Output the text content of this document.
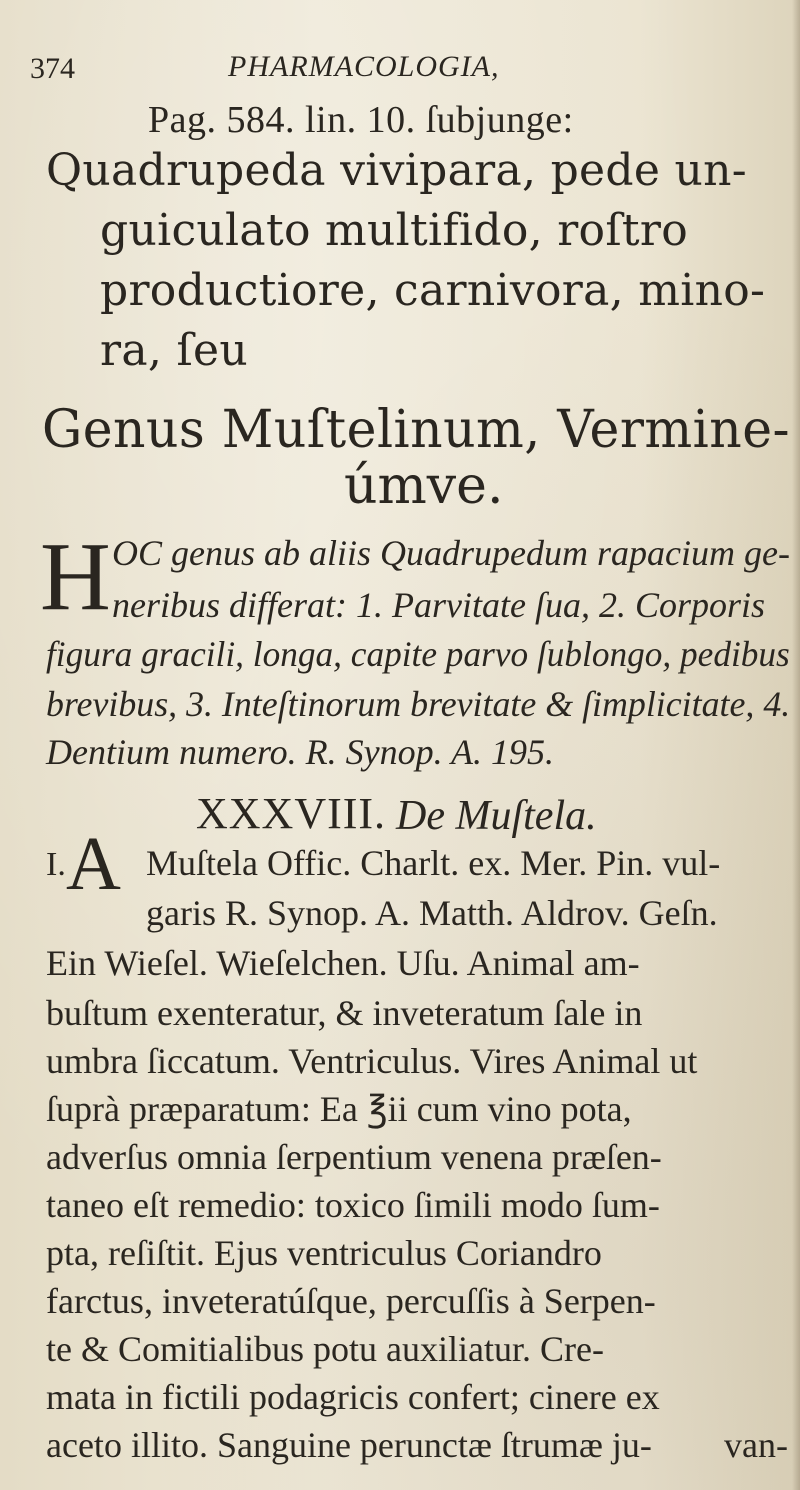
374	PHARMACOLOGIA,
Pag. 584. lin. 10. ſubjunge:
Quadrupeda vivipara, pede un-
guiculato multifido, roſtro
productiore, carnivora, mino-
ra, ſeu
Genus Muſtelinum, Vermine-
úmve.
H OC genus ab aliis Quadrupedum rapacium ge-
neribus differat: 1. Parvitate ſua, 2. Corporis
figura gracili, longa, capite parvo ſublongo, pedibus
brevibus, 3. Inteſtinorum brevitate & ſimplicitate, 4.
Dentium numero. R. Synop. A. 195.
XXXVIII. De Muſtela.
I. A Muſtela Offic. Charlt. ex. Mer. Pin. vul-
garis R. Synop. A. Matth. Aldrov. Geſn.
Ein Wieſel. Wieſelchen. Uſu. Animal am-
buſtum exenteratur, & inveteratum ſale in
umbra ſiccatum. Ventriculus. Vires Animal ut
ſuprà præparatum: Ea ℥ii cum vino pota,
adverſus omnia ſerpentium venena præſen-
taneo eſt remedio: toxico ſimili modo ſum-
pta, reſiſtit. Ejus ventriculus Coriandro
farctus, inveteratúſque, percuſſis à Serpen-
te & Comitialibus potu auxiliatur. Cre-
mata in fictili podagricis confert; cinere ex
aceto illito. Sanguine perunctæ ſtrumæ ju- van-
